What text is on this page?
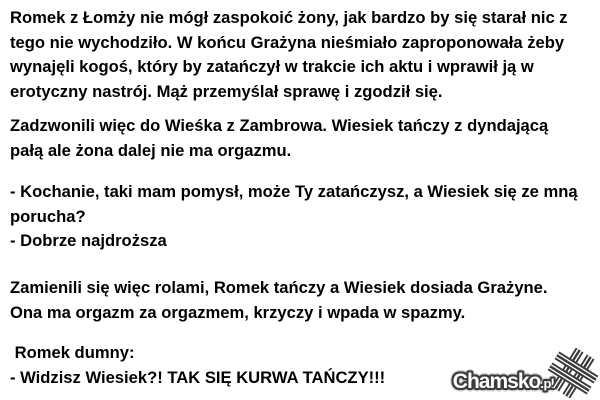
Romek z Łomży nie mógł zaspokoić żony, jak bardzo by się starał nic z
tego nie wychodziło. W końcu Grażyna nieśmiało zaproponowała żeby
wynajęli kogoś, który by zatańczył w trakcie ich aktu i wprawił ją w
erotyczny nastrój. Mąż przemyślał sprawę i zgodził się.
Zadzwonili więc do Wieśka z Zambrowa. Wiesiek tańczy z dyndającą
pałą ale żona dalej nie ma orgazmu.
- Kochanie, taki mam pomysł, może Ty zatańczysz, a Wiesiek się ze mną
porucha?
- Dobrze najdroższa
Zamienili się więc rolami, Romek tańczy a Wiesiek dosiada Grażyne.
Ona ma orgazm za orgazmem, krzyczy i wpada w spazmy.
Romek dumny:
- Widzisz Wiesiek?! TAK SIĘ KURWA TAŃCZY!!!	Chamsko.pl
